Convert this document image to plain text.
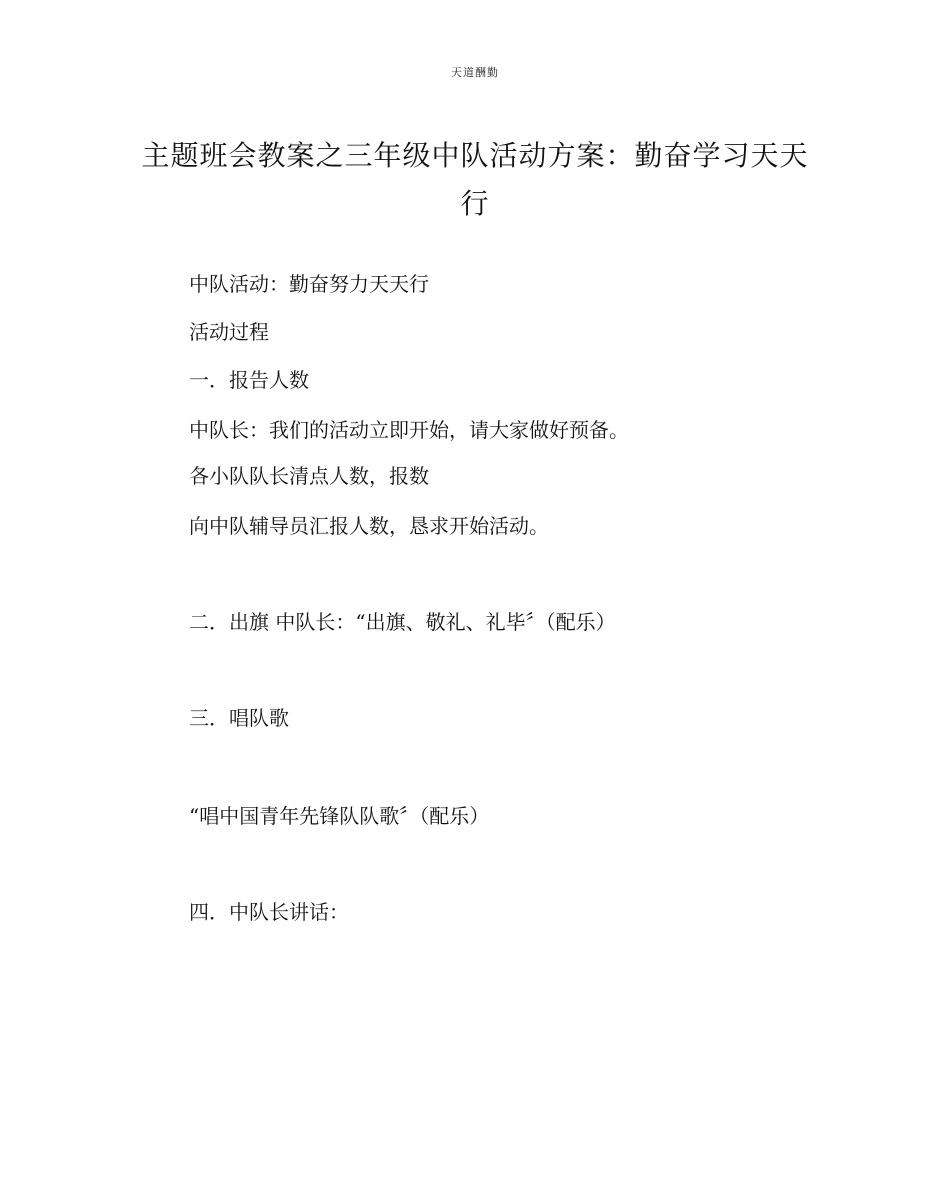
天道酬勤
主题班会教案之三年级中队活动方案：勤奋学习天天行
中队活动：勤奋努力天天行
活动过程
一．报告人数
中队长：我们的活动立即开始，请大家做好预备。
各小队队长清点人数，报数
向中队辅导员汇报人数，恳求开始活动。
二．出旗 中队长：“出旗、敬礼、礼毕〞（配乐）
三．唱队歌
“唱中国青年先锋队队歌〞（配乐）
四．中队长讲话：
